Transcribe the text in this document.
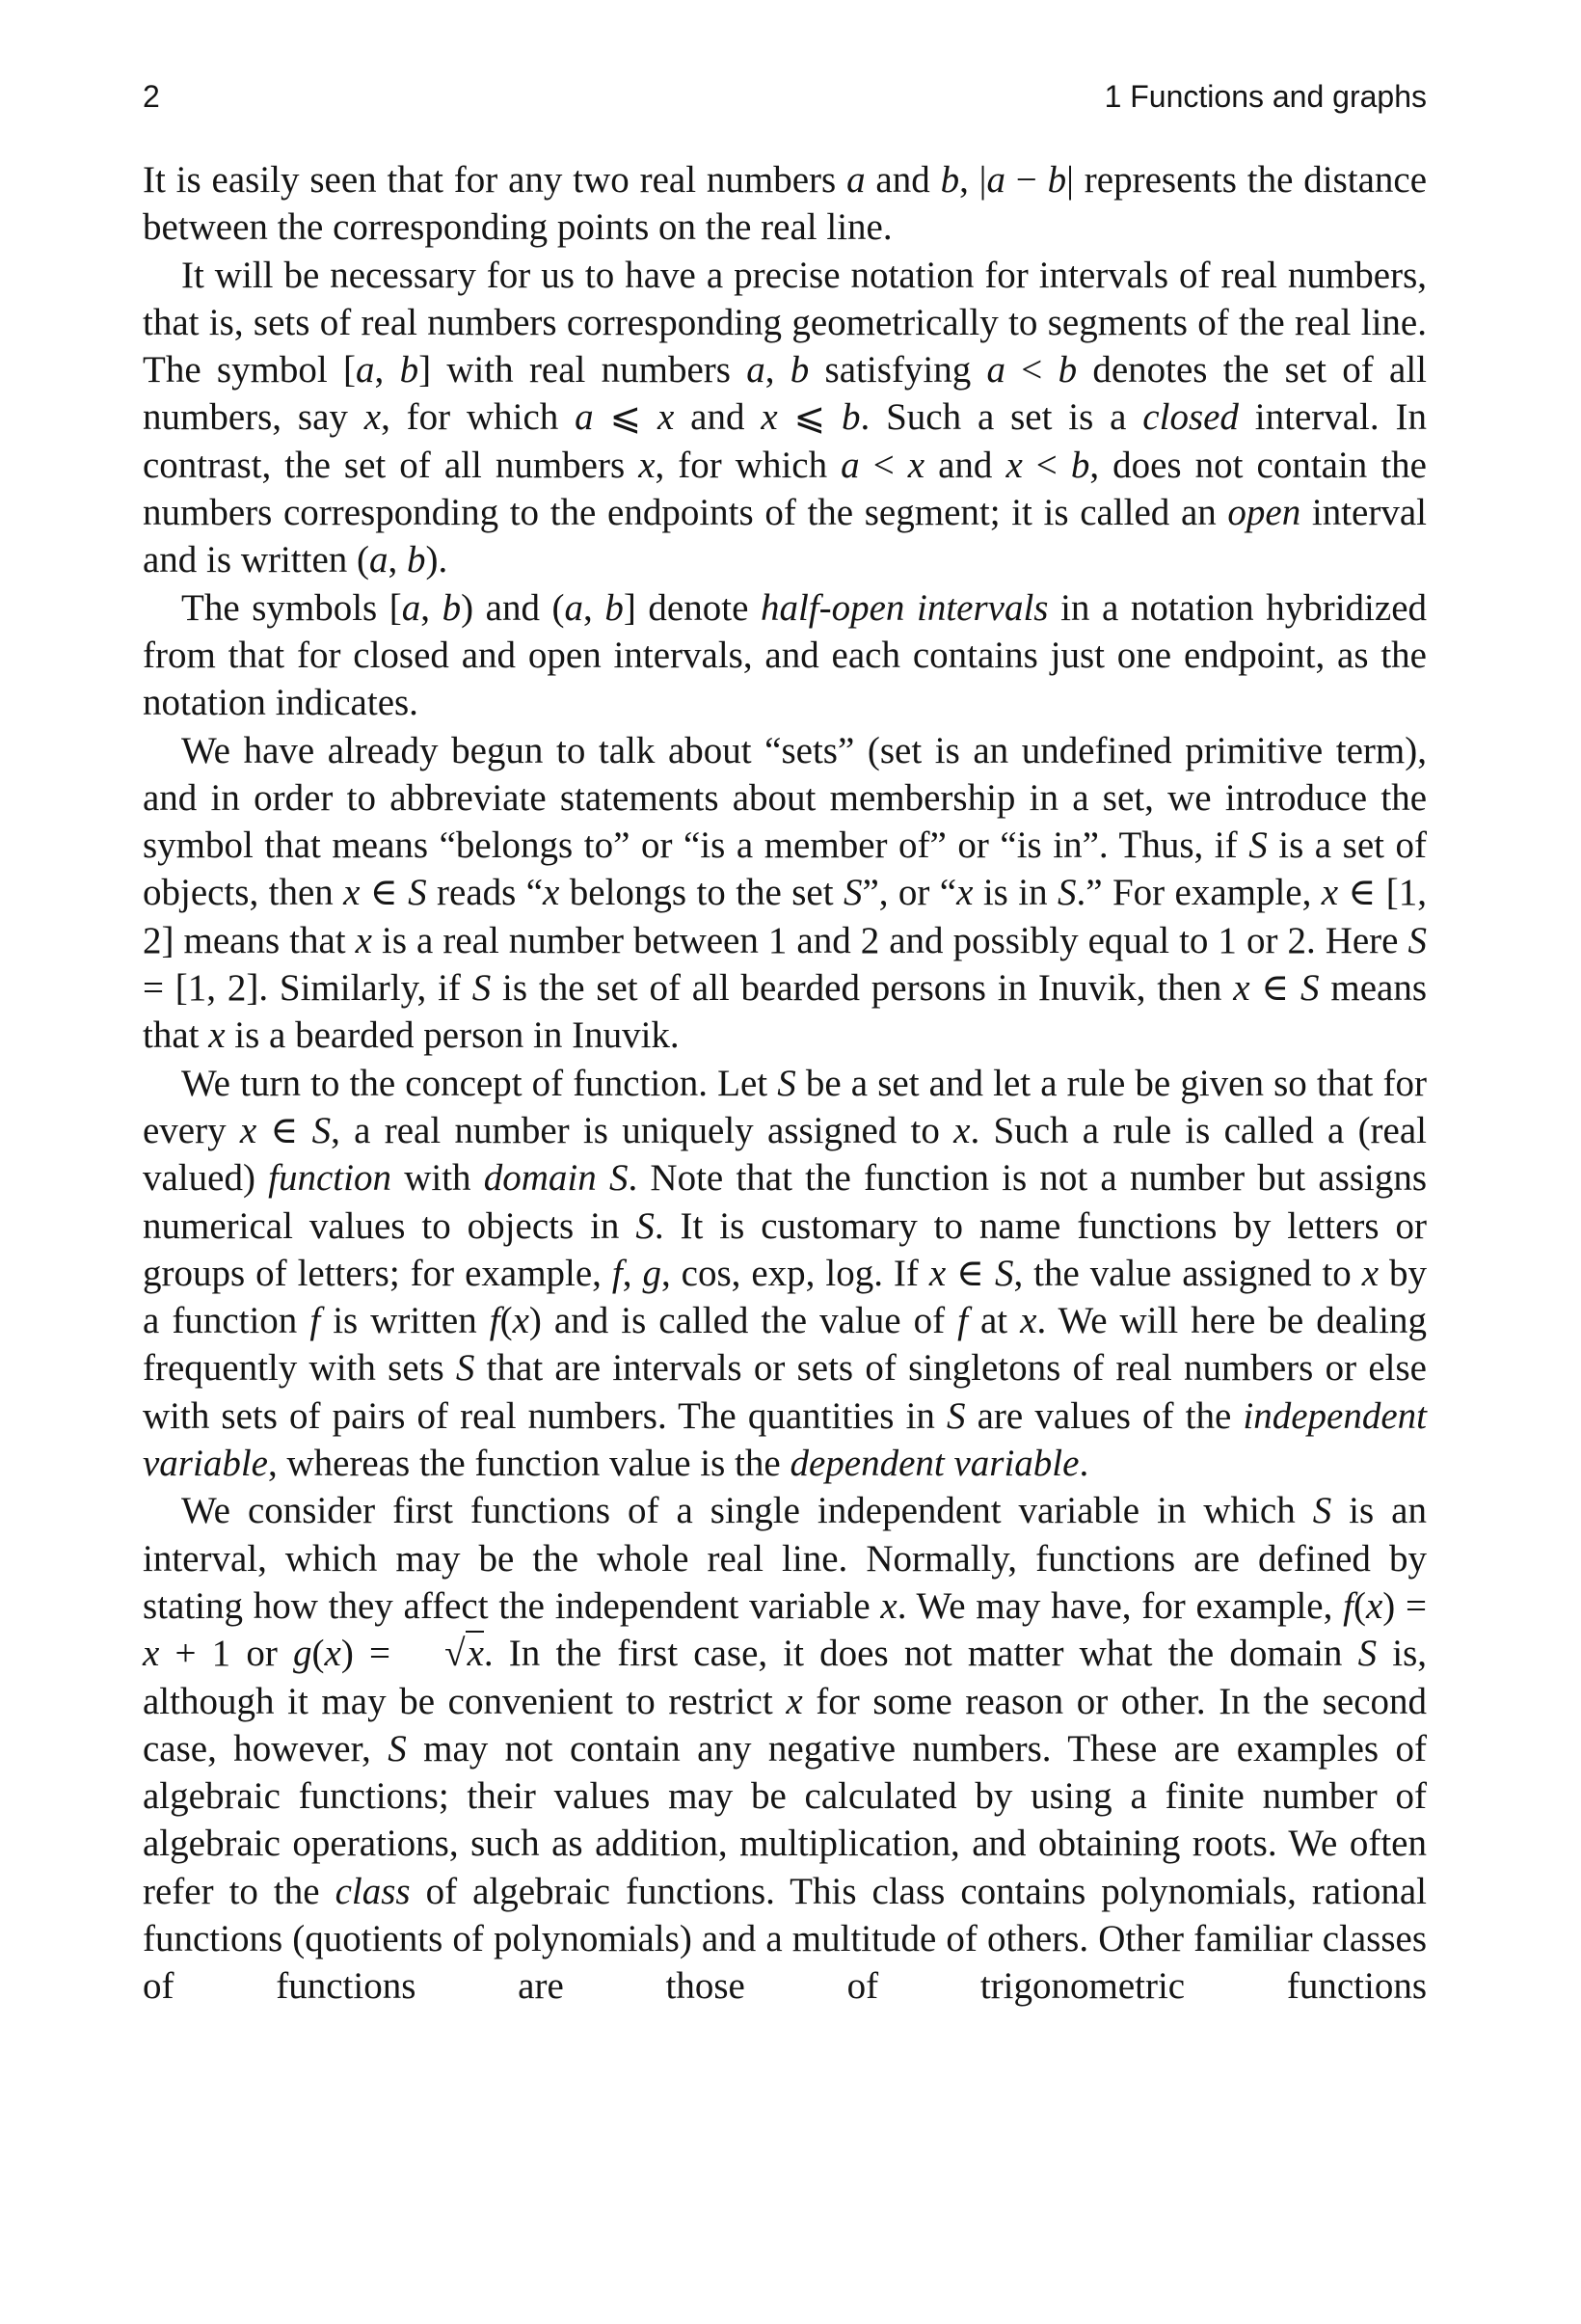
2	1 Functions and graphs

It is easily seen that for any two real numbers a and b, |a − b| represents the distance between the corresponding points on the real line.

It will be necessary for us to have a precise notation for intervals of real numbers, that is, sets of real numbers corresponding geometrically to segments of the real line. The symbol [a, b] with real numbers a, b satisfying a < b denotes the set of all numbers, say x, for which a ⩽ x and x ⩽ b. Such a set is a closed interval. In contrast, the set of all numbers x, for which a < x and x < b, does not contain the numbers corresponding to the endpoints of the segment; it is called an open interval and is written (a, b).

The symbols [a, b) and (a, b] denote half-open intervals in a notation hybridized from that for closed and open intervals, and each contains just one endpoint, as the notation indicates.

We have already begun to talk about “sets” (set is an undefined primitive term), and in order to abbreviate statements about membership in a set, we introduce the symbol that means “belongs to” or “is a member of” or “is in”. Thus, if S is a set of objects, then x ∈ S reads “x belongs to the set S”, or “x is in S.” For example, x ∈ [1, 2] means that x is a real number between 1 and 2 and possibly equal to 1 or 2. Here S = [1, 2]. Similarly, if S is the set of all bearded persons in Inuvik, then x ∈ S means that x is a bearded person in Inuvik.

We turn to the concept of function. Let S be a set and let a rule be given so that for every x ∈ S, a real number is uniquely assigned to x. Such a rule is called a (real valued) function with domain S. Note that the function is not a number but assigns numerical values to objects in S. It is customary to name functions by letters or groups of letters; for example, f, g, cos, exp, log. If x ∈ S, the value assigned to x by a function f is written f(x) and is called the value of f at x. We will here be dealing frequently with sets S that are intervals or sets of singletons of real numbers or else with sets of pairs of real numbers. The quantities in S are values of the independent variable, whereas the function value is the dependent variable.

We consider first functions of a single independent variable in which S is an interval, which may be the whole real line. Normally, functions are defined by stating how they affect the independent variable x. We may have, for example, f(x) = x + 1 or g(x) = √x. In the first case, it does not matter what the domain S is, although it may be convenient to restrict x for some reason or other. In the second case, however, S may not contain any negative numbers. These are examples of algebraic functions; their values may be calculated by using a finite number of algebraic operations, such as addition, multiplication, and obtaining roots. We often refer to the class of algebraic functions. This class contains polynomials, rational functions (quotients of polynomials) and a multitude of others. Other familiar classes of functions are those of trigonometric functions
